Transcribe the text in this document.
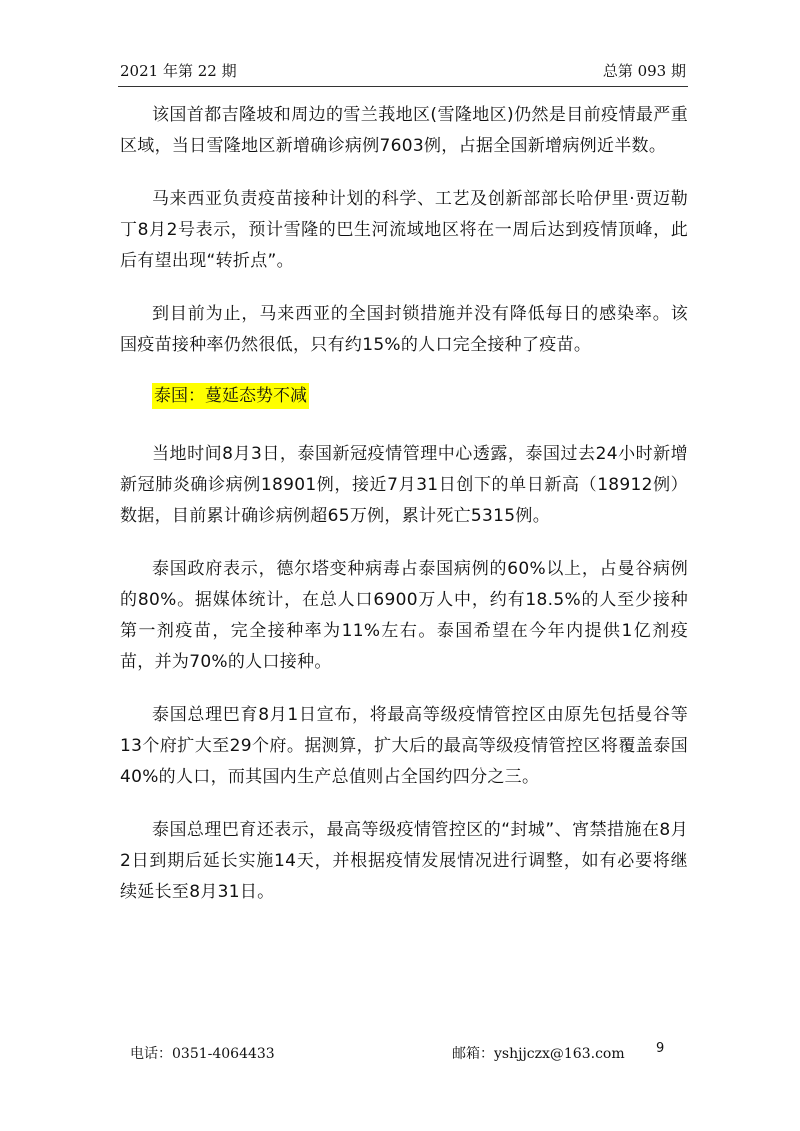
2021 年第 22 期	总第 093 期

该国首都吉隆坡和周边的雪兰莪地区(雪隆地区)仍然是目前疫情最严重区域，当日雪隆地区新增确诊病例7603例，占据全国新增病例近半数。

马来西亚负责疫苗接种计划的科学、工艺及创新部部长哈伊里·贾迈勒丁8月2号表示，预计雪隆的巴生河流域地区将在一周后达到疫情顶峰，此后有望出现“转折点”。

到目前为止，马来西亚的全国封锁措施并没有降低每日的感染率。该国疫苗接种率仍然很低，只有约15%的人口完全接种了疫苗。

泰国：蔓延态势不减

当地时间8月3日，泰国新冠疫情管理中心透露，泰国过去24小时新增新冠肺炎确诊病例18901例，接近7月31日创下的单日新高（18912例）数据，目前累计确诊病例超65万例，累计死亡5315例。

泰国政府表示，德尔塔变种病毒占泰国病例的60%以上，占曼谷病例的80%。据媒体统计，在总人口6900万人中，约有18.5%的人至少接种第一剂疫苗，完全接种率为11%左右。泰国希望在今年内提供1亿剂疫苗，并为70%的人口接种。

泰国总理巴育8月1日宣布，将最高等级疫情管控区由原先包括曼谷等13个府扩大至29个府。据测算，扩大后的最高等级疫情管控区将覆盖泰国40%的人口，而其国内生产总值则占全国约四分之三。

泰国总理巴育还表示，最高等级疫情管控区的“封城”、宵禁措施在8月2日到期后延长实施14天，并根据疫情发展情况进行调整，如有必要将继续延长至8月31日。

电话：0351-4064433	邮箱：yshjjczx@163.com 9
